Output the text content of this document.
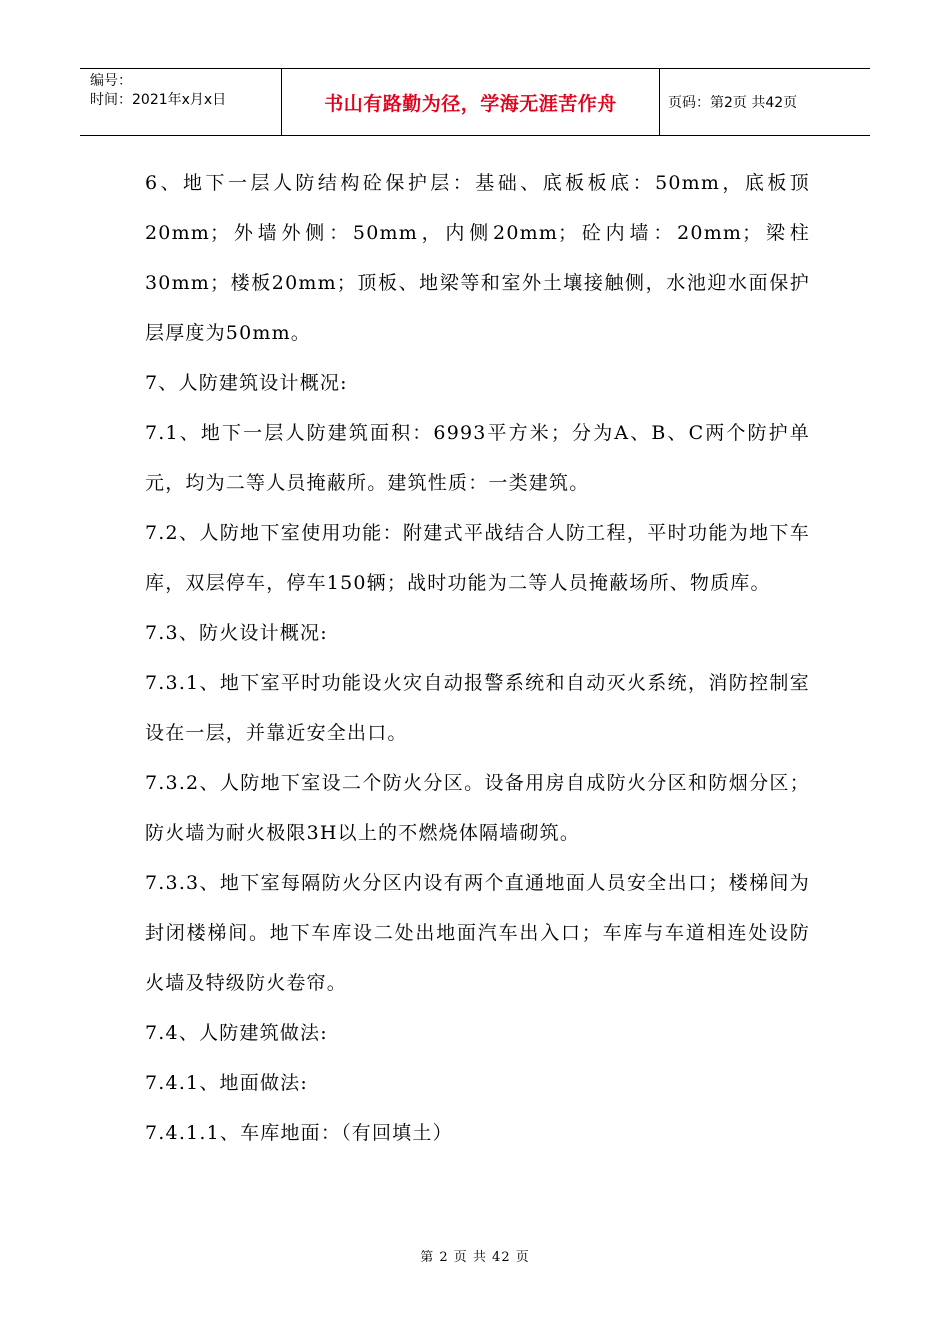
编号：
时间：2021年x月x日	书山有路勤为径，学海无涯苦作舟	页码：第2页 共42页

6、地下一层人防结构砼保护层：基础、底板板底：50mm，底板顶20mm；外墙外侧：50mm，内侧20mm；砼内墙：20mm；梁柱30mm；楼板20mm；顶板、地梁等和室外土壤接触侧，水池迎水面保护层厚度为50mm。

7、人防建筑设计概况:

7.1、地下一层人防建筑面积：6993平方米；分为A、B、C两个防护单元，均为二等人员掩蔽所。建筑性质：一类建筑。

7.2、人防地下室使用功能：附建式平战结合人防工程，平时功能为地下车库，双层停车，停车150辆；战时功能为二等人员掩蔽场所、物质库。

7.3、防火设计概况:

7.3.1、地下室平时功能设火灾自动报警系统和自动灭火系统，消防控制室设在一层，并靠近安全出口。

7.3.2、人防地下室设二个防火分区。设备用房自成防火分区和防烟分区；防火墙为耐火极限3H以上的不燃烧体隔墙砌筑。

7.3.3、地下室每隔防火分区内设有两个直通地面人员安全出口；楼梯间为封闭楼梯间。地下车库设二处出地面汽车出入口；车库与车道相连处设防火墙及特级防火卷帘。

7.4、人防建筑做法:

7.4.1、地面做法:

7.4.1.1、车库地面：（有回填土）

第 2 页 共 42 页
